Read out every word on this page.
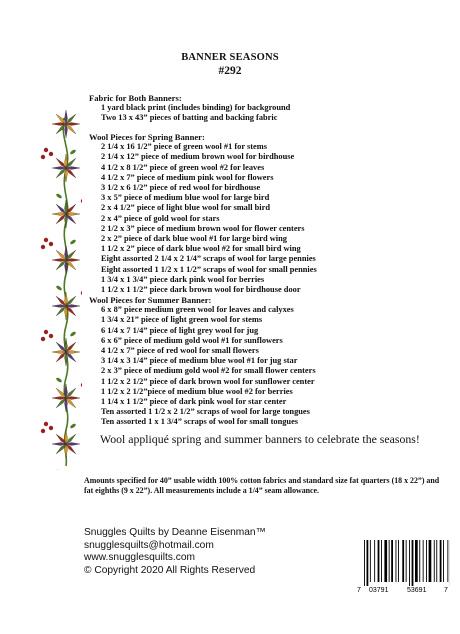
BANNER SEASONS
#292
Fabric for Both Banners:
1 yard black print (includes binding) for background
Two 13 x 43” pieces of batting and backing fabric
Wool Pieces for Spring Banner:
2 1/4 x 16 1/2” piece of green wool #1 for stems
2 1/4 x 12” piece of medium brown wool for birdhouse
4 1/2 x 8 1/2” piece of green wool #2 for leaves
4 1/2 x 7” piece of medium pink wool for flowers
3 1/2 x 6 1/2” piece of red wool for birdhouse
3 x 5” piece of medium blue wool for large bird
2 x 4 1/2” piece of light blue wool for small bird
2 x 4” piece of gold wool for stars
2 1/2 x 3” piece of medium brown wool for flower centers
2 x 2” piece of dark blue wool #1 for large bird wing
1 1/2 x 2” piece of dark blue wool #2 for small bird wing
Eight assorted 2 1/4 x 2 1/4” scraps of wool for large pennies
Eight assorted 1 1/2 x 1 1/2” scraps of wool for small pennies
1 3/4 x 1 3/4” piece dark pink wool for berries
1 1/2 x 1 1/2” piece dark brown wool for birdhouse door
Wool Pieces for Summer Banner:
6 x 8” piece medium green wool for leaves and calyxes
1 3/4 x 21” piece of light green wool for stems
6 1/4 x 7 1/4” piece of light grey wool for jug
6 x 6” piece of medium gold wool #1 for sunflowers
4 1/2 x 7” piece of red wool for small flowers
3 1/4 x 3 1/4” piece of medium blue wool #1 for jug star
2 x 3” piece of medium gold wool #2 for small flower centers
1 1/2 x 2 1/2” piece of dark brown wool for sunflower center
1 1/2 x 2 1/2”piece of medium blue wool #2 for berries
1 1/4 x 1 1/2” piece of dark pink wool for star center
Ten assorted 1 1/2 x 2 1/2” scraps of wool for large tongues
Ten assorted 1 x 1 3/4” scraps of wool for small tongues
Wool appliqué spring and summer banners to celebrate the seasons!
Amounts specified for 40” usable width 100% cotton fabrics and standard size fat quarters (18 x 22”) and fat eighths (9 x 22”). All measurements include a 1/4” seam allowance.
Snuggles Quilts by Deanne Eisenman™
snugglesquilts@hotmail.com
www.snugglesquilts.com
© Copyright 2020 All Rights Reserved
7 03791	53691	7
